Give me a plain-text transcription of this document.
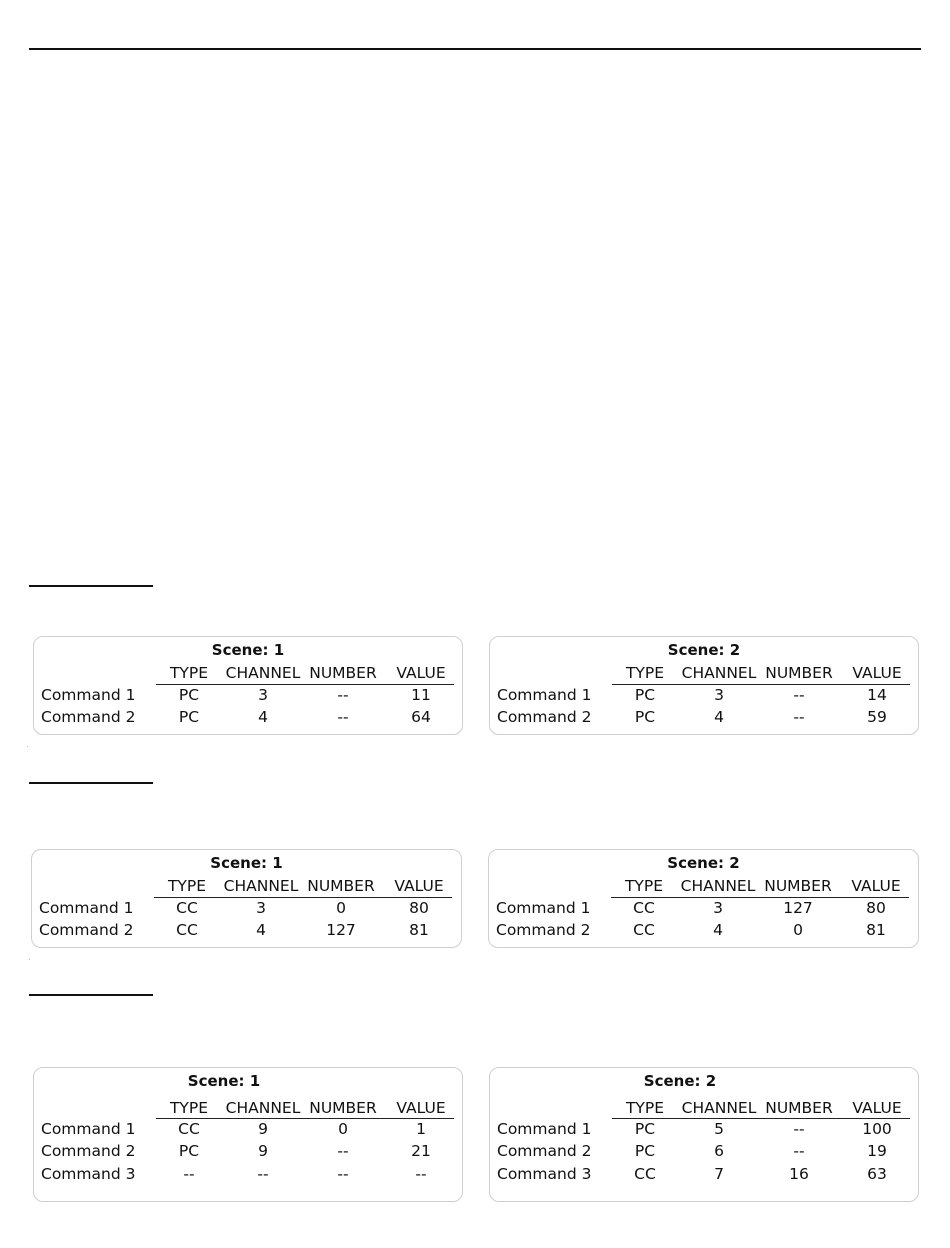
Scene: 1
TYPE	CHANNEL NUMBER	VALUE
Command 1	PC	3	--	11
Command 2	PC	4	--	64
Scene: 2
TYPE	CHANNEL NUMBER	VALUE
Command 1	PC	3	--	14
Command 2	PC	4	--	59
Scene: 1
TYPE	CHANNEL NUMBER	VALUE
Command 1	CC	3	0	80
Command 2	CC	4	127	81
Scene: 2
TYPE	CHANNEL NUMBER	VALUE
Command 1	CC	3	127	80
Command 2	CC	4	0	81
Scene: 1
TYPE	CHANNEL NUMBER	VALUE
Command 1	CC	9	0	1
Command 2	PC	9	--	21
Command 3	--	--	--	--
Scene: 2
TYPE	CHANNEL NUMBER	VALUE
Command 1	PC	5	--	100
Command 2	PC	6	--	19
Command 3	CC	7	16	63
